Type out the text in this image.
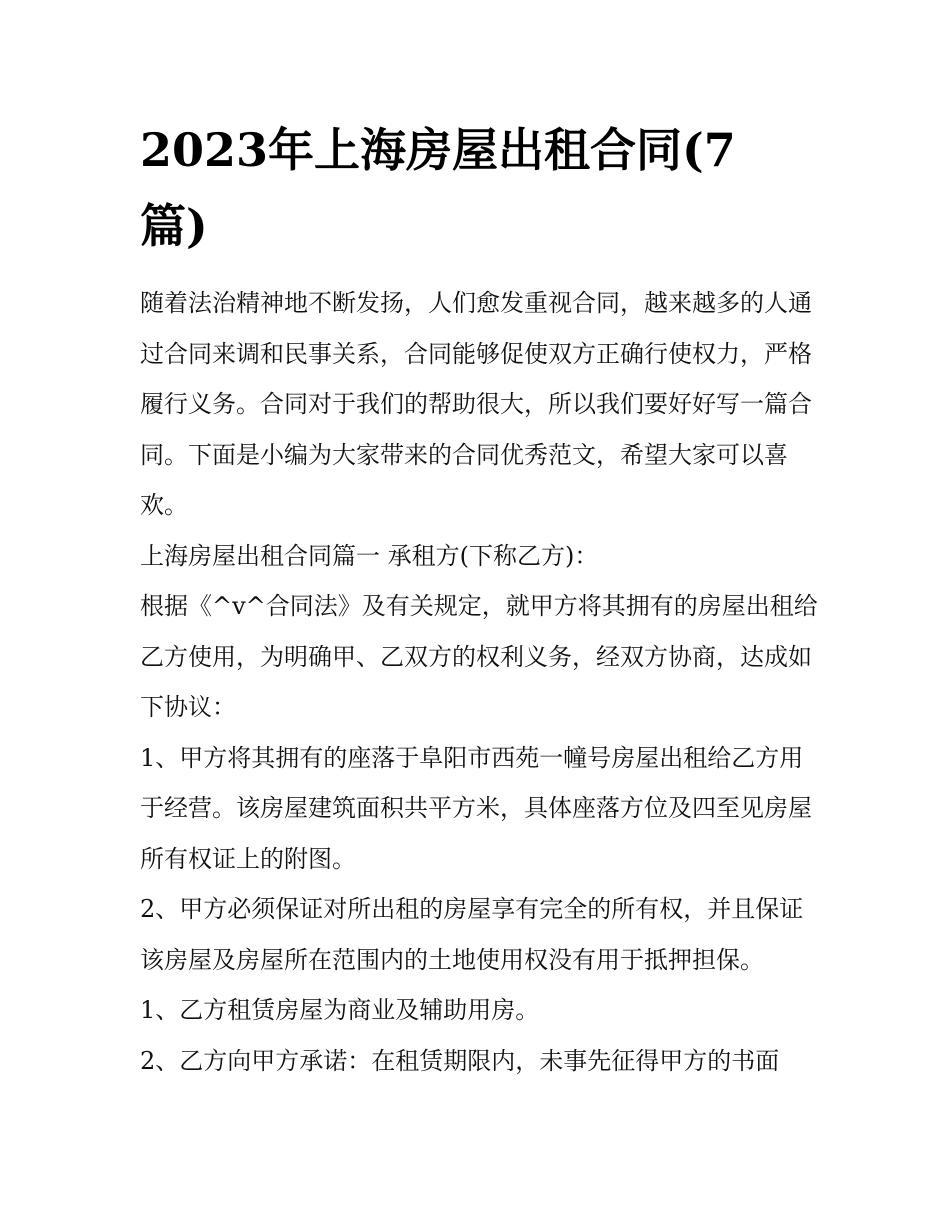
2023年上海房屋出租合同(7篇)

随着法治精神地不断发扬，人们愈发重视合同，越来越多的人通过合同来调和民事关系，合同能够促使双方正确行使权力，严格履行义务。合同对于我们的帮助很大，所以我们要好好写一篇合同。下面是小编为大家带来的合同优秀范文，希望大家可以喜欢。

上海房屋出租合同篇一 承租方(下称乙方)：

根据《^v^合同法》及有关规定，就甲方将其拥有的房屋出租给乙方使用，为明确甲、乙双方的权利义务，经双方协商，达成如下协议：

1、甲方将其拥有的座落于阜阳市西苑一幢号房屋出租给乙方用于经营。该房屋建筑面积共平方米，具体座落方位及四至见房屋所有权证上的附图。

2、甲方必须保证对所出租的房屋享有完全的所有权，并且保证该房屋及房屋所在范围内的土地使用权没有用于抵押担保。

1、乙方租赁房屋为商业及辅助用房。

2、乙方向甲方承诺：在租赁期限内，未事先征得甲方的书面
